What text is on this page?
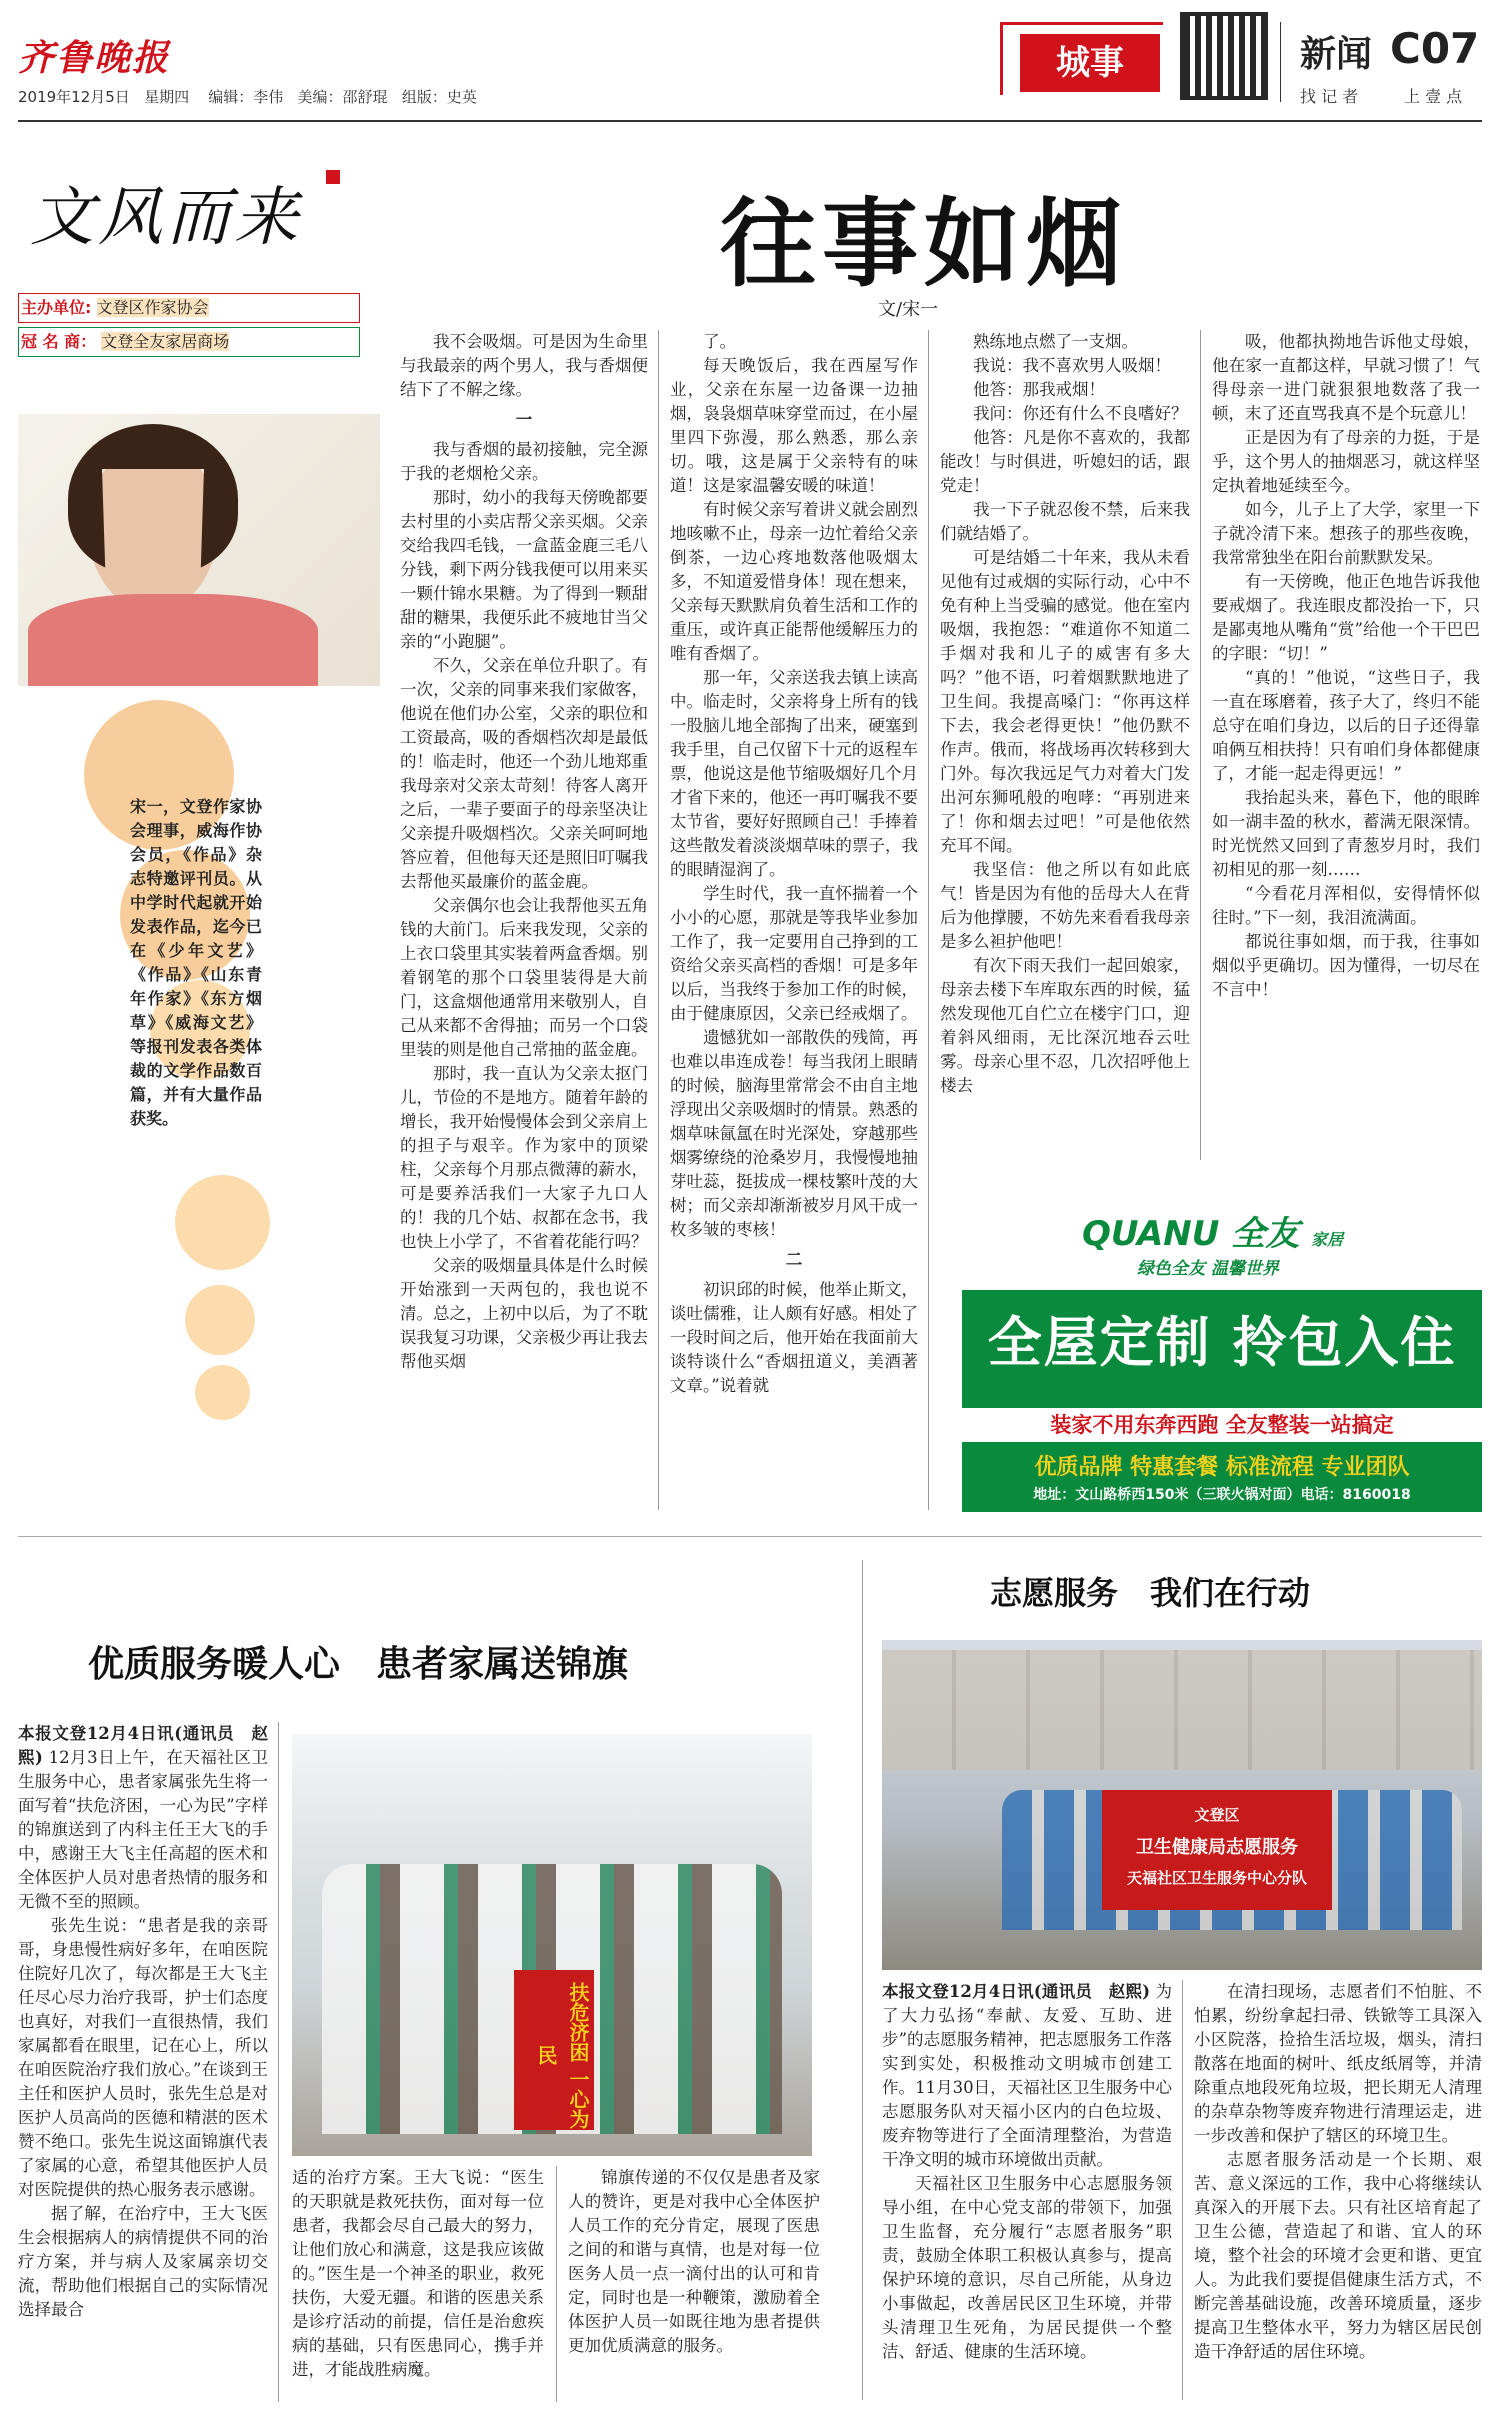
齐鲁晚报
2019年12月5日 星期四 编辑：李伟 美编：邵舒琨 组版：史英
城事	新闻 C07
找 记 者	上 壹 点
文风而来
主办单位: 文登区作家协会
冠 名 商： 文登全友家居商场
宋一，文登作家协会理事，威海作协会员，《作品》杂志特邀评刊员。从中学时代起就开始发表作品，迄今已在《少年文艺》《作品》《山东青年作家》《东方烟草》《威海文艺》等报刊发表各类体裁的文学作品数百篇，并有大量作品获奖。
往事如烟
文/宋一

我不会吸烟。可是因为生命里与我最亲的两个男人，我与香烟便结下了不解之缘。

一

我与香烟的最初接触，完全源于我的老烟枪父亲。

那时，幼小的我每天傍晚都要去村里的小卖店帮父亲买烟。父亲交给我四毛钱，一盒蓝金鹿三毛八分钱，剩下两分钱我便可以用来买一颗什锦水果糖。为了得到一颗甜甜的糖果，我便乐此不疲地甘当父亲的“小跑腿”。

不久，父亲在单位升职了。有一次，父亲的同事来我们家做客，他说在他们办公室，父亲的职位和工资最高，吸的香烟档次却是最低的！临走时，他还一个劲儿地郑重我母亲对父亲太苛刻！待客人离开之后，一辈子要面子的母亲坚决让父亲提升吸烟档次。父亲关呵呵地答应着，但他每天还是照旧叮嘱我去帮他买最廉价的蓝金鹿。

父亲偶尔也会让我帮他买五角钱的大前门。后来我发现，父亲的上衣口袋里其实装着两盒香烟。别着钢笔的那个口袋里装得是大前门，这盒烟他通常用来敬别人，自己从来都不舍得抽；而另一个口袋里装的则是他自己常抽的蓝金鹿。

那时，我一直认为父亲太抠门儿，节俭的不是地方。随着年龄的增长，我开始慢慢体会到父亲肩上的担子与艰辛。作为家中的顶梁柱，父亲每个月那点微薄的薪水，可是要养活我们一大家子九口人的！我的几个姑、叔都在念书，我也快上小学了，不省着花能行吗？

父亲的吸烟量具体是什么时候开始涨到一天两包的，我也说不清。总之，上初中以后，为了不耽误我复习功课，父亲极少再让我去帮他买烟

了。

每天晚饭后，我在西屋写作业，父亲在东屋一边备课一边抽烟，袅袅烟草味穿堂而过，在小屋里四下弥漫，那么熟悉，那么亲切。哦，这是属于父亲特有的味道！这是家温馨安暖的味道！

有时候父亲写着讲义就会剧烈地咳嗽不止，母亲一边忙着给父亲倒茶，一边心疼地数落他吸烟太多，不知道爱惜身体！现在想来，父亲每天默默肩负着生活和工作的重压，或许真正能帮他缓解压力的唯有香烟了。

那一年，父亲送我去镇上读高中。临走时，父亲将身上所有的钱一股脑儿地全部掏了出来，硬塞到我手里，自己仅留下十元的返程车票，他说这是他节缩吸烟好几个月才省下来的，他还一再叮嘱我不要太节省，要好好照顾自己！手捧着这些散发着淡淡烟草味的票子，我的眼睛湿润了。

学生时代，我一直怀揣着一个小小的心愿，那就是等我毕业参加工作了，我一定要用自己挣到的工资给父亲买高档的香烟！可是多年以后，当我终于参加工作的时候，由于健康原因，父亲已经戒烟了。

遗憾犹如一部散佚的残简，再也难以串连成卷！每当我闭上眼睛的时候，脑海里常常会不由自主地浮现出父亲吸烟时的情景。熟悉的烟草味氤氲在时光深处，穿越那些烟雾缭绕的沧桑岁月，我慢慢地抽芽吐蕊，挺拔成一棵枝繁叶茂的大树；而父亲却渐渐被岁月风干成一枚多皱的枣核！

二

初识邱的时候，他举止斯文，谈吐儒雅，让人颇有好感。相处了一段时间之后，他开始在我面前大谈特谈什么“香烟扭道义，美酒著文章。”说着就

熟练地点燃了一支烟。

我说：我不喜欢男人吸烟！

他答：那我戒烟！

我问：你还有什么不良嗜好？

他答：凡是你不喜欢的，我都能改！与时俱进，听媳妇的话，跟党走！

我一下子就忍俊不禁，后来我们就结婚了。

可是结婚二十年来，我从未看见他有过戒烟的实际行动，心中不免有种上当受骗的感觉。他在室内吸烟，我抱怨：“难道你不知道二手烟对我和儿子的威害有多大吗？”他不语，叼着烟默默地进了卫生间。我提高嗓门：“你再这样下去，我会老得更快！”他仍默不作声。俄而，将战场再次转移到大门外。每次我远足气力对着大门发出河东狮吼般的咆哮：“再别进来了！你和烟去过吧！”可是他依然充耳不闻。

我坚信：他之所以有如此底气！皆是因为有他的岳母大人在背后为他撑腰，不妨先来看看我母亲是多么袒护他吧！

有次下雨天我们一起回娘家，母亲去楼下车库取东西的时候，猛然发现他兀自伫立在楼宇门口，迎着斜风细雨，无比深沉地吞云吐雾。母亲心里不忍，几次招呼他上楼去

吸，他都执拗地告诉他丈母娘，他在家一直都这样，早就习惯了！气得母亲一进门就狠狠地数落了我一顿，末了还直骂我真不是个玩意儿！

正是因为有了母亲的力挺，于是乎，这个男人的抽烟恶习，就这样坚定执着地延续至今。

如今，儿子上了大学，家里一下子就冷清下来。想孩子的那些夜晚，我常常独坐在阳台前默默发呆。

有一天傍晚，他正色地告诉我他要戒烟了。我连眼皮都没抬一下，只是鄙夷地从嘴角“赏”给他一个干巴巴的字眼：“切！”

“真的！”他说，“这些日子，我一直在琢磨着，孩子大了，终归不能总守在咱们身边，以后的日子还得靠咱俩互相扶持！只有咱们身体都健康了，才能一起走得更远！”

我抬起头来，暮色下，他的眼眸如一湖丰盈的秋水，蓄满无限深情。时光恍然又回到了青葱岁月时，我们初相见的那一刻……

“今看花月浑相似，安得情怀似往时。”下一刻，我泪流满面。

都说往事如烟，而于我，往事如烟似乎更确切。因为懂得，一切尽在不言中！

QUANU 全友 家居
绿色全友 温馨世界
全屋定制 拎包入住
装家不用东奔西跑 全友整装一站搞定
优质品牌 特惠套餐 标准流程 专业团队
地址：文山路桥西150米（三联火锅对面）电话：8160018
志愿服务　我们在行动
文登区
卫生健康局志愿服务
天福社区卫生服务中心分队

本报文登12月4日讯(通讯员　赵熙) 为了大力弘扬“奉献、友爱、互助、进步”的志愿服务精神，把志愿服务工作落实到实处，积极推动文明城市创建工作。11月30日，天福社区卫生服务中心志愿服务队对天福小区内的白色垃圾、废弃物等进行了全面清理整治，为营造干净文明的城市环境做出贡献。

天福社区卫生服务中心志愿服务领导小组，在中心党支部的带领下，加强卫生监督，充分履行“志愿者服务”职责，鼓励全体职工积极认真参与，提高保护环境的意识，尽自己所能，从身边小事做起，改善居民区卫生环境，并带头清理卫生死角，为居民提供一个整洁、舒适、健康的生活环境。

在清扫现场，志愿者们不怕脏、不怕累，纷纷拿起扫帚、铁锨等工具深入小区院落，捡拾生活垃圾，烟头，清扫散落在地面的树叶、纸皮纸屑等，并清除重点地段死角垃圾，把长期无人清理的杂草杂物等废弃物进行清理运走，进一步改善和保护了辖区的环境卫生。

志愿者服务活动是一个长期、艰苦、意义深远的工作，我中心将继续认真深入的开展下去。只有社区培育起了卫生公德，营造起了和谐、宜人的环境，整个社会的环境才会更和谐、更宜人。为此我们要提倡健康生活方式，不断完善基础设施，改善环境质量，逐步提高卫生整体水平，努力为辖区居民创造干净舒适的居住环境。

优质服务暖人心　患者家属送锦旗

本报文登12月4日讯(通讯员　赵熙) 12月3日上午，在天福社区卫生服务中心，患者家属张先生将一面写着“扶危济困，一心为民”字样的锦旗送到了内科主任王大飞的手中，感谢王大飞主任高超的医术和全体医护人员对患者热情的服务和无微不至的照顾。

张先生说：“患者是我的亲哥哥，身患慢性病好多年，在咱医院住院好几次了，每次都是王大飞主任尽心尽力治疗我哥，护士们态度也真好，对我们一直很热情，我们家属都看在眼里，记在心上，所以在咱医院治疗我们放心。”在谈到王主任和医护人员时，张先生总是对医护人员高尚的医德和精湛的医术赞不绝口。张先生说这面锦旗代表了家属的心意，希望其他医护人员对医院提供的热心服务表示感谢。

据了解，在治疗中，王大飞医生会根据病人的病情提供不同的治疗方案，并与病人及家属亲切交流，帮助他们根据自己的实际情况选择最合

扶危济困 一心为民

适的治疗方案。王大飞说：“医生的天职就是救死扶伤，面对每一位患者，我都会尽自己最大的努力，让他们放心和满意，这是我应该做的。”医生是一个神圣的职业，救死扶伤，大爱无疆。和谐的医患关系是诊疗活动的前提，信任是治愈疾病的基础，只有医患同心，携手并进，才能战胜病魔。

锦旗传递的不仅仅是患者及家人的赞许，更是对我中心全体医护人员工作的充分肯定，展现了医患之间的和谐与真情，也是对每一位医务人员一点一滴付出的认可和肯定，同时也是一种鞭策，激励着全体医护人员一如既往地为患者提供更加优质满意的服务。
